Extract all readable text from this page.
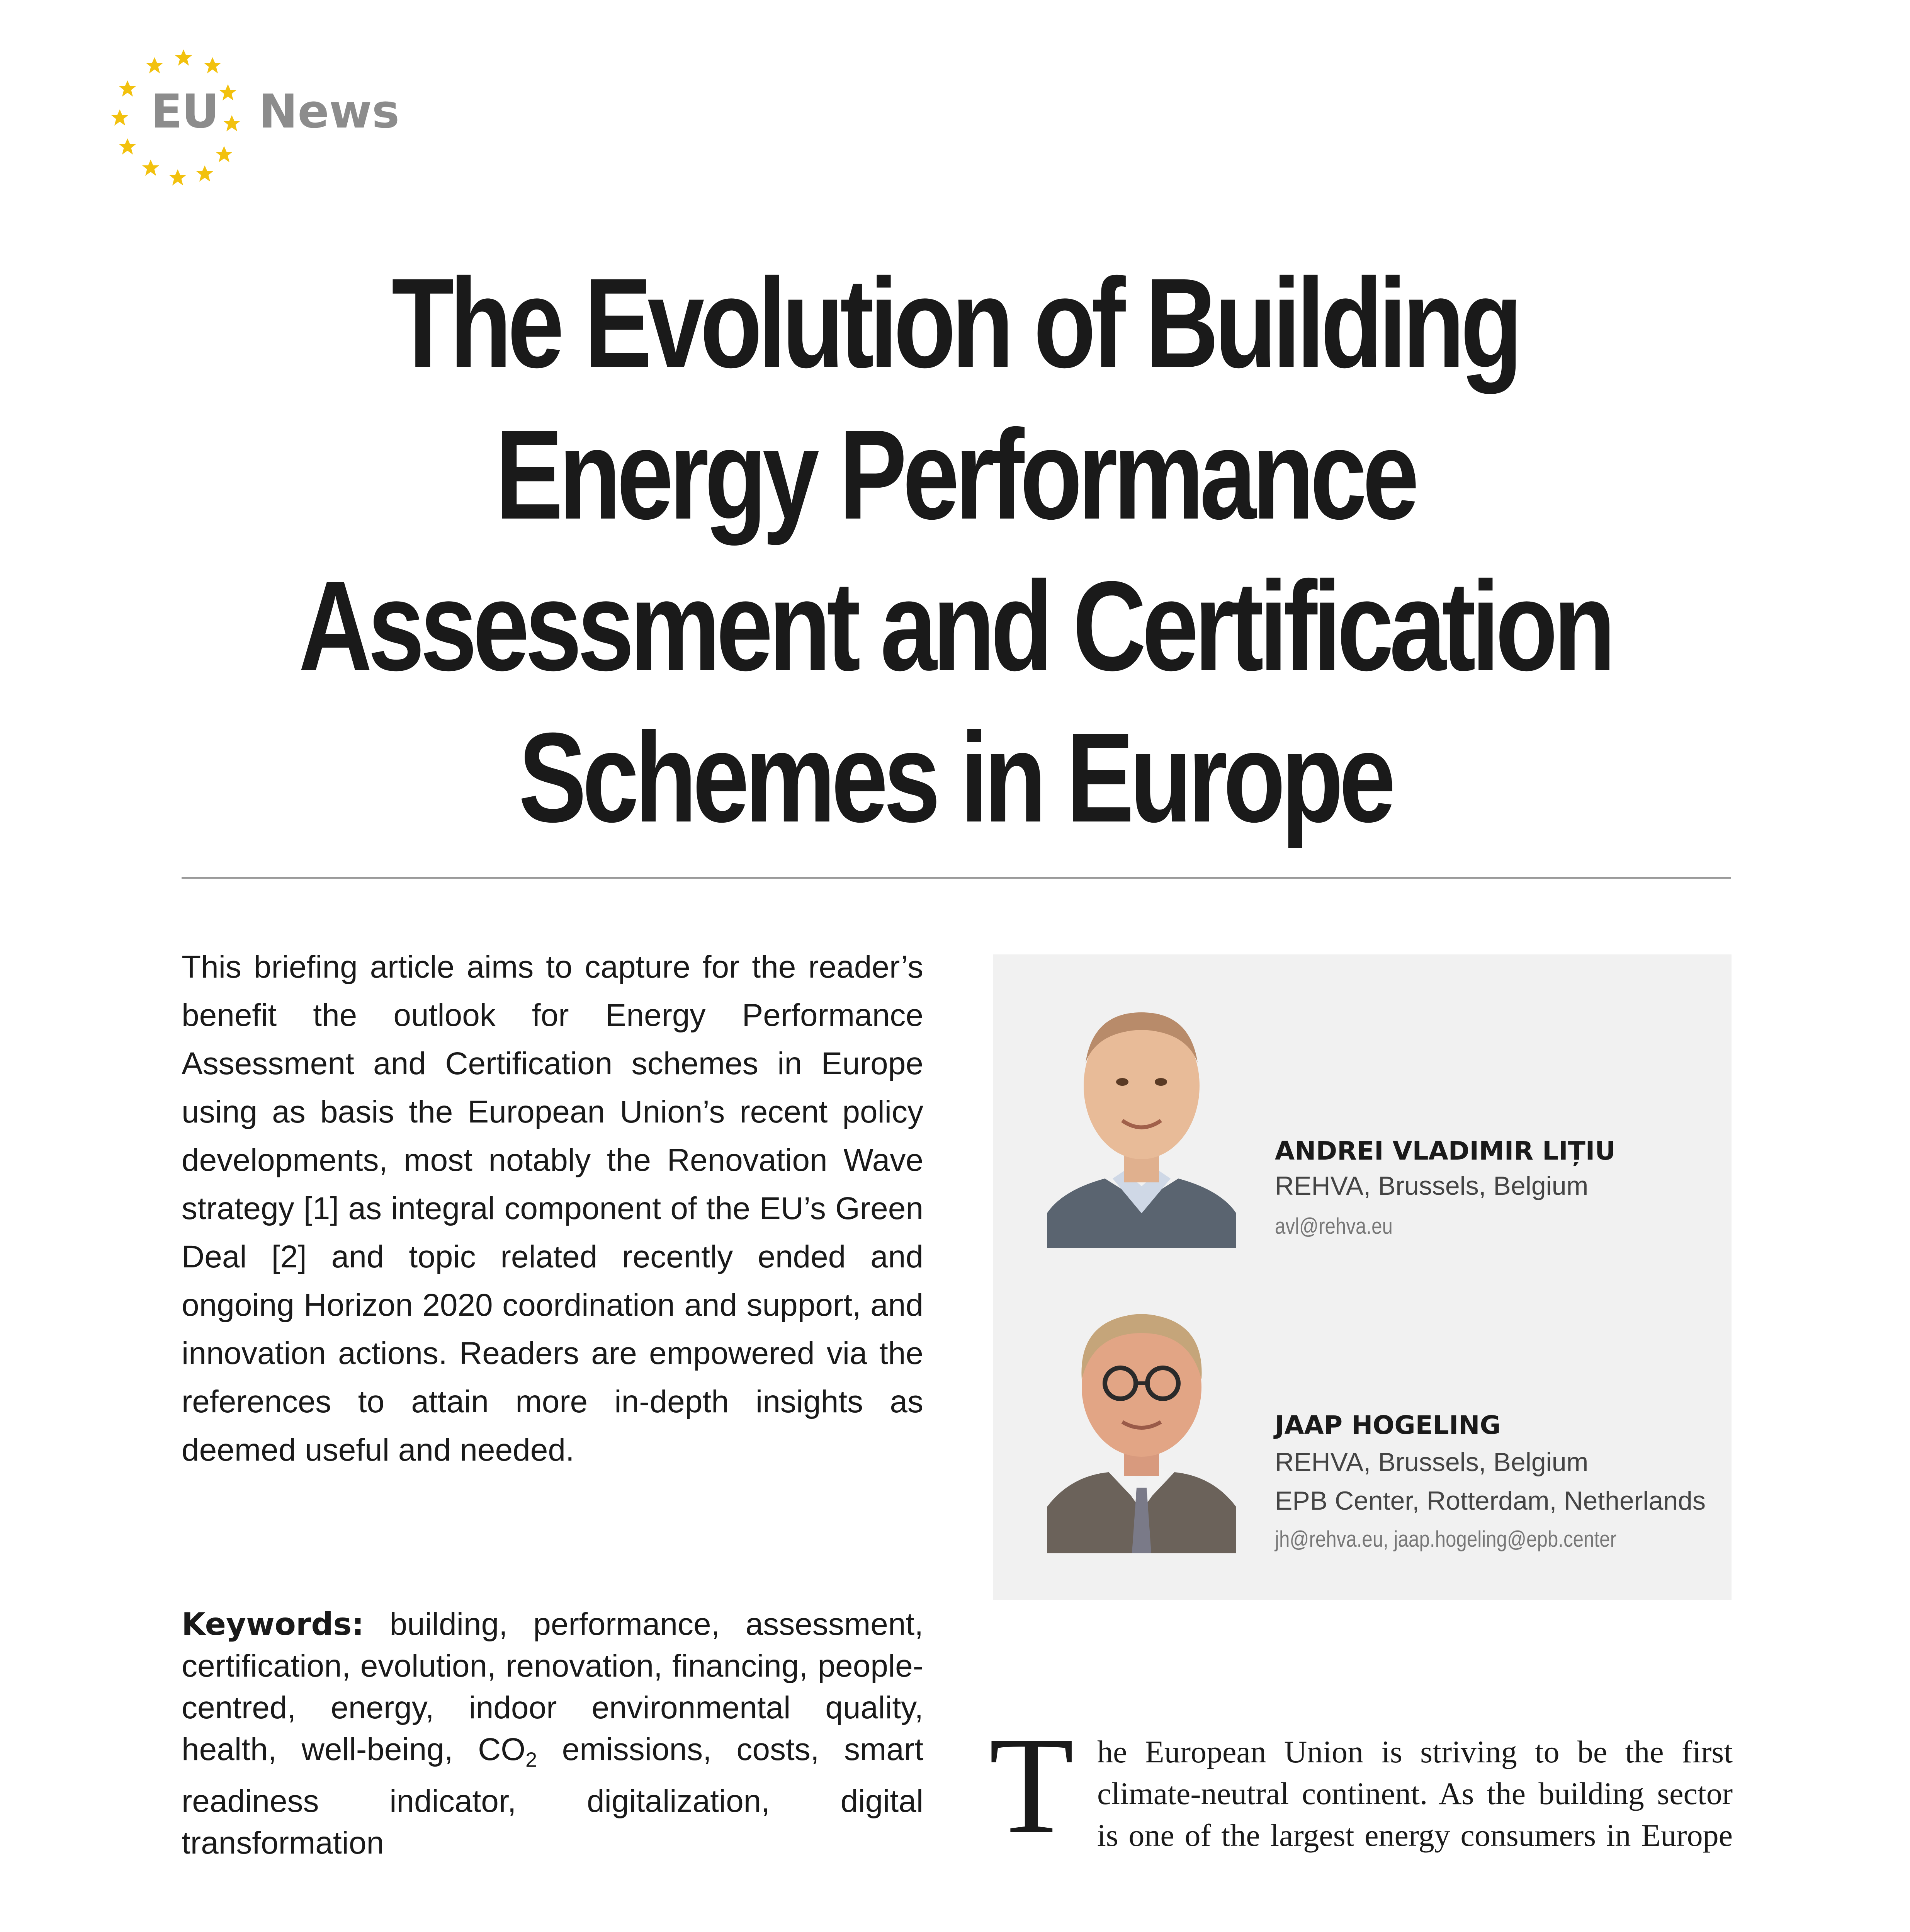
EU News
The Evolution of Building Energy Performance Assessment and Certification Schemes in Europe

This briefing article aims to capture for the reader’s benefit the outlook for Energy Performance Assessment and Certification schemes in Europe using as basis the European Union’s recent policy developments, most notably the Renovation Wave strategy [1] as integral component of the EU’s Green Deal [2] and topic related recently ended and ongoing Horizon 2020 coordination and support, and innovation actions. Readers are empowered via the references to attain more in-depth insights as deemed useful and needed.

Keywords: building, performance, assessment, certification, evolution, renovation, financing, people-centred, energy, indoor environmental quality, health, well-being, $CO_2$ emissions, costs, smart readiness indicator, digitalization, digital transformation

ANDREI VLADIMIR LIȚIU
REHVA, Brussels, Belgium
avl@rehva.eu
JAAP HOGELING
REHVA, Brussels, Belgium
EPB Center, Rotterdam, Netherlands
jh@rehva.eu, jaap.hogeling@epb.center
T he European Union is striving to be the first climate-neutral continent. As the building sector is one of the largest energy consumers in Europe
